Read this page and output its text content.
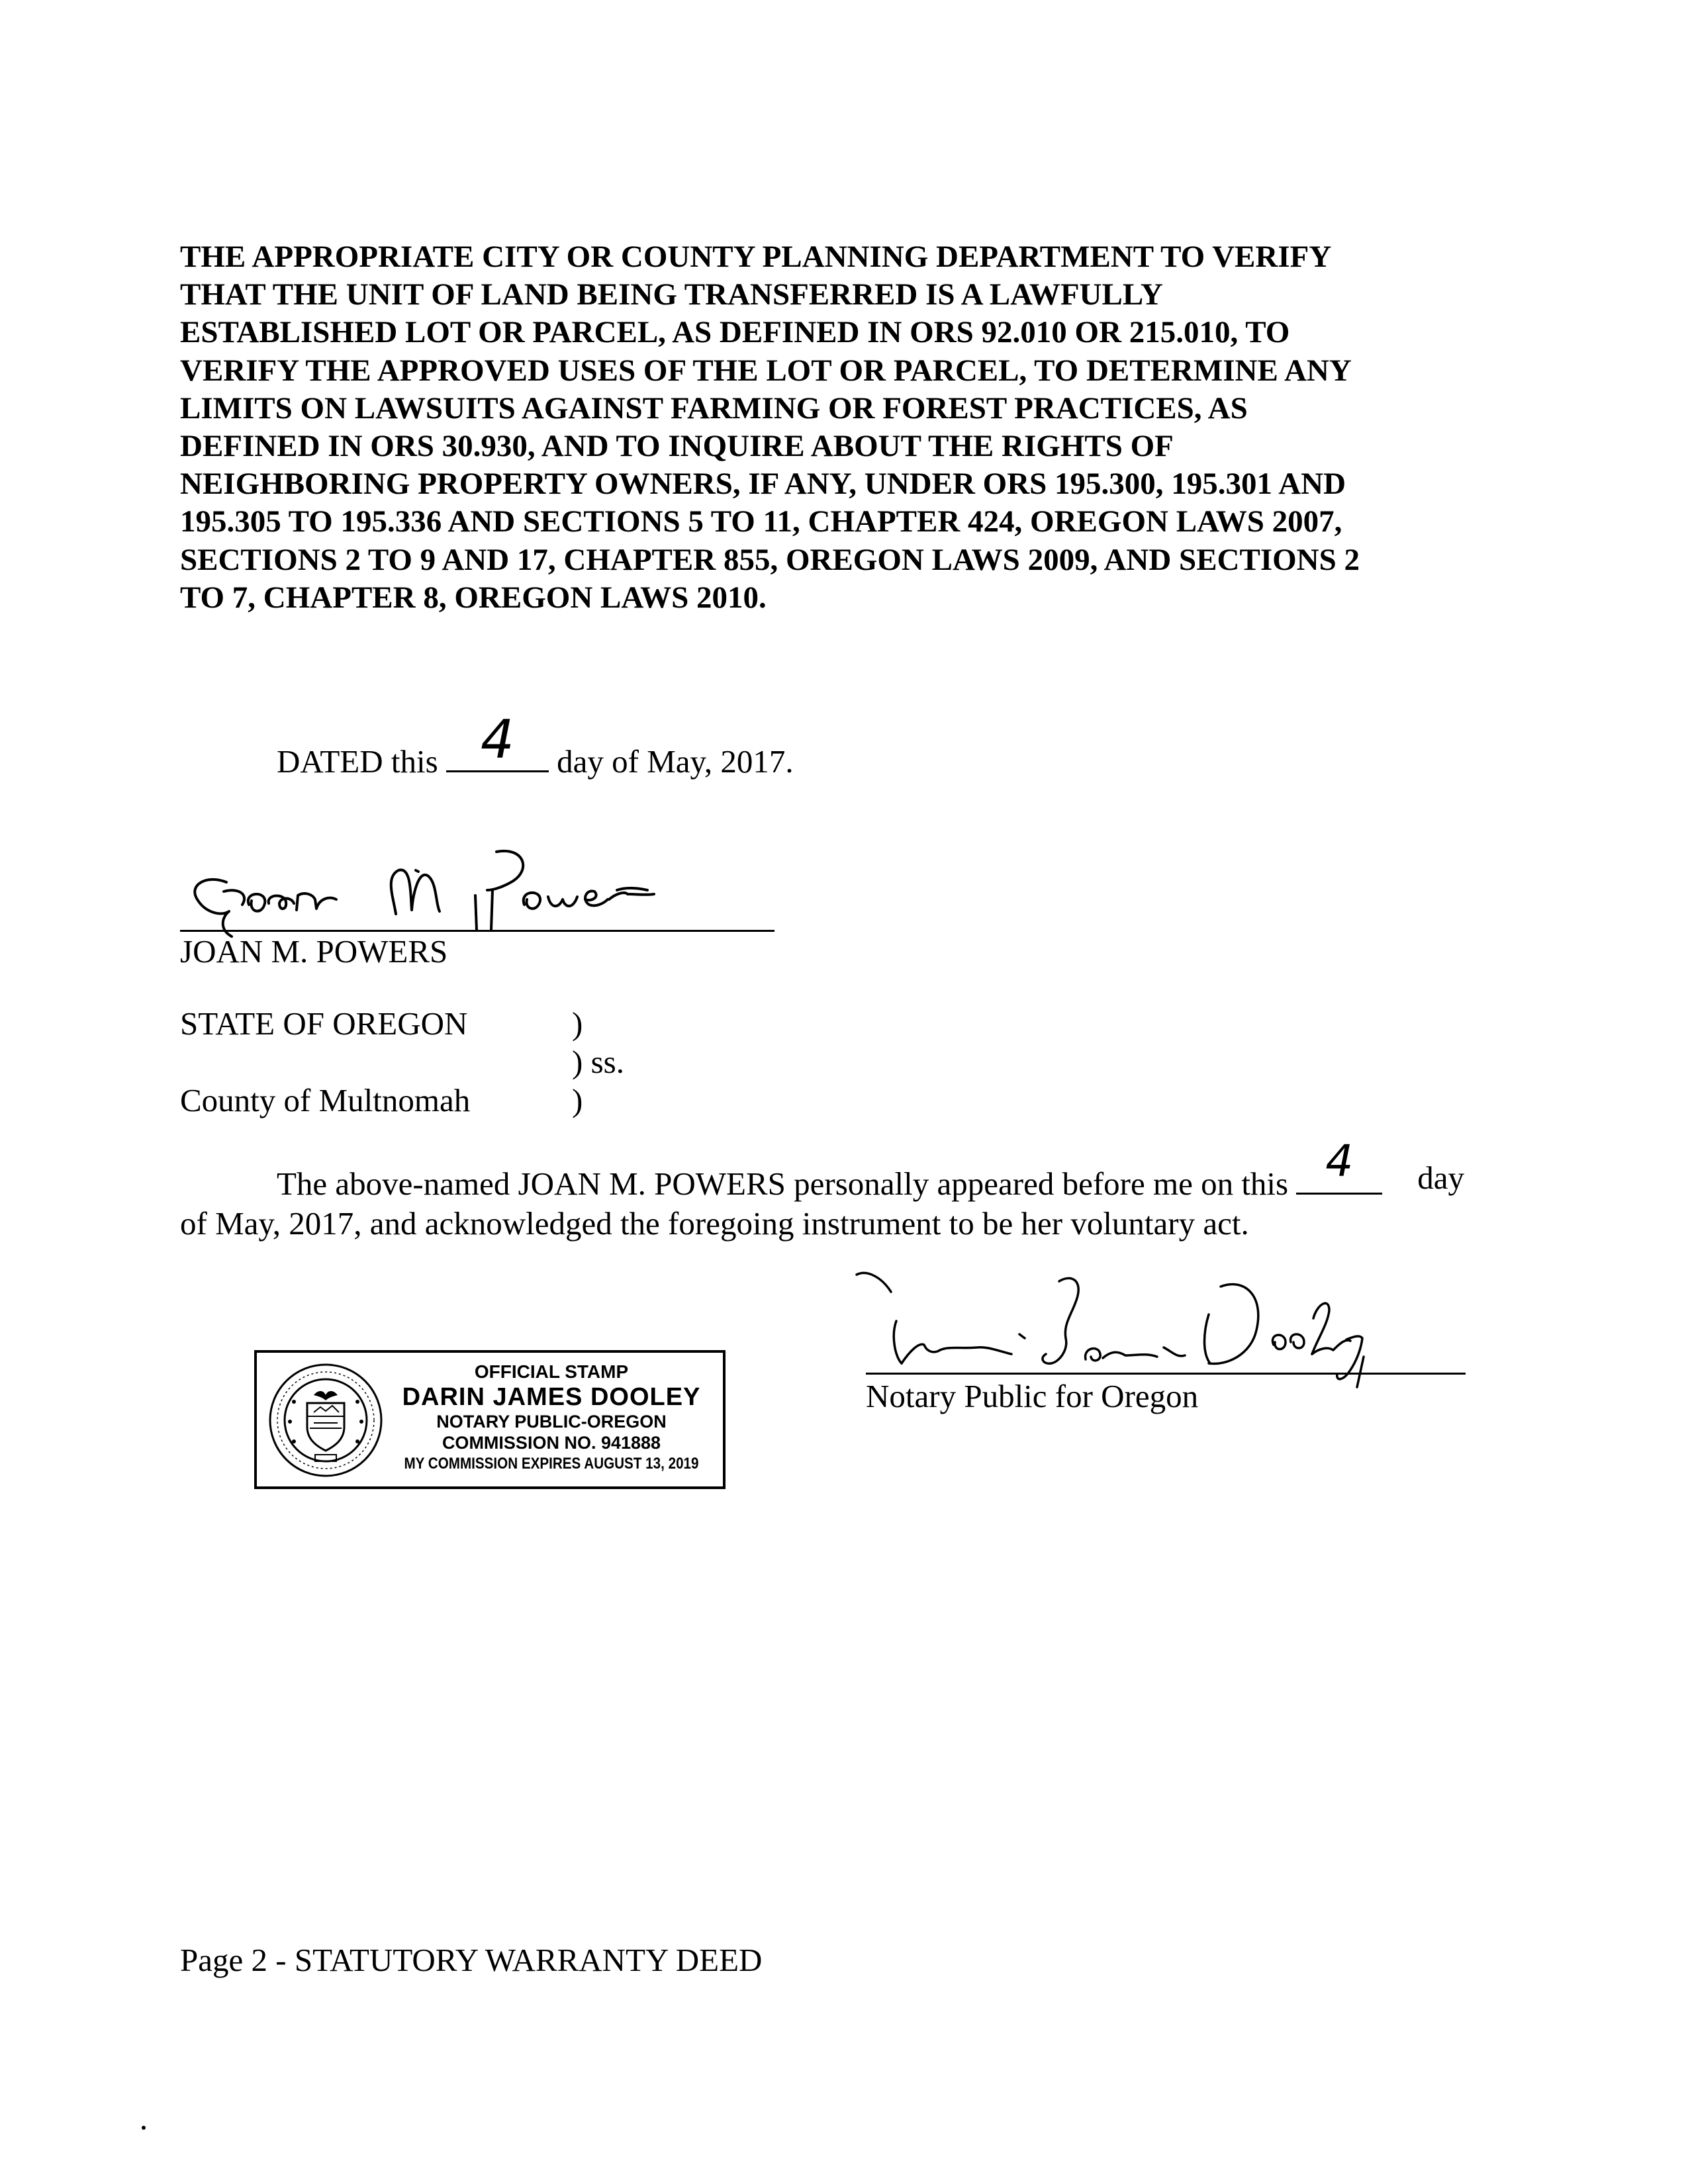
THE APPROPRIATE CITY OR COUNTY PLANNING DEPARTMENT TO VERIFY
THAT THE UNIT OF LAND BEING TRANSFERRED IS A LAWFULLY
ESTABLISHED LOT OR PARCEL, AS DEFINED IN ORS 92.010 OR 215.010, TO
VERIFY THE APPROVED USES OF THE LOT OR PARCEL, TO DETERMINE ANY
LIMITS ON LAWSUITS AGAINST FARMING OR FOREST PRACTICES, AS
DEFINED IN ORS 30.930, AND TO INQUIRE ABOUT THE RIGHTS OF
NEIGHBORING PROPERTY OWNERS, IF ANY, UNDER ORS 195.300, 195.301 AND
195.305 TO 195.336 AND SECTIONS 5 TO 11, CHAPTER 424, OREGON LAWS 2007,
SECTIONS 2 TO 9 AND 17, CHAPTER 855, OREGON LAWS 2009, AND SECTIONS 2
TO 7, CHAPTER 8, OREGON LAWS 2010.
DATED this 4	day of May, 2017.
JOAN M. POWERS
STATE OF OREGON	)
) ss.
County of Multnomah	)
The above-named JOAN M. POWERS personally appeared before me on this 4	day
of May, 2017, and acknowledged the foregoing instrument to be her voluntary act.
OFFICIAL STAMP
DARIN JAMES DOOLEY
NOTARY PUBLIC-OREGON
COMMISSION NO. 941888
MY COMMISSION EXPIRES AUGUST 13, 2019
Notary Public for Oregon
Page 2 - STATUTORY WARRANTY DEED
